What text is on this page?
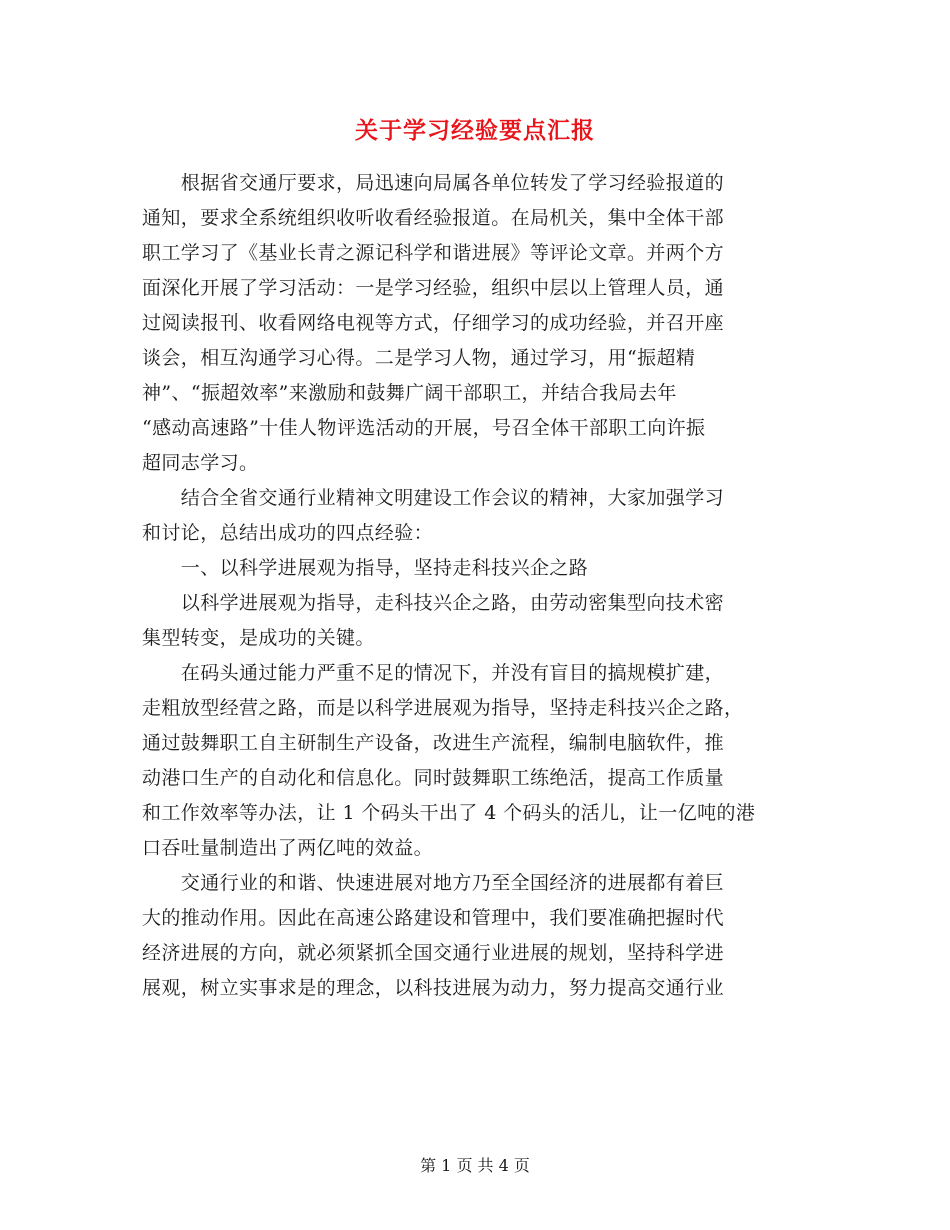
关于学习经验要点汇报
　　根据省交通厅要求，局迅速向局属各单位转发了学习经验报道的
通知，要求全系统组织收听收看经验报道。在局机关，集中全体干部
职工学习了《基业长青之源记科学和谐进展》等评论文章。并两个方
面深化开展了学习活动：一是学习经验，组织中层以上管理人员，通
过阅读报刊、收看网络电视等方式，仔细学习的成功经验，并召开座
谈会，相互沟通学习心得。二是学习人物，通过学习，用“振超精
神”、“振超效率”来激励和鼓舞广阔干部职工，并结合我局去年
“感动高速路”十佳人物评选活动的开展，号召全体干部职工向许振
超同志学习。
　　结合全省交通行业精神文明建设工作会议的精神，大家加强学习
和讨论，总结出成功的四点经验：
　　一、以科学进展观为指导，坚持走科技兴企之路
　　以科学进展观为指导，走科技兴企之路，由劳动密集型向技术密
集型转变，是成功的关键。
　　在码头通过能力严重不足的情况下，并没有盲目的搞规模扩建，
走粗放型经营之路，而是以科学进展观为指导，坚持走科技兴企之路，
通过鼓舞职工自主研制生产设备，改进生产流程，编制电脑软件，推
动港口生产的自动化和信息化。同时鼓舞职工练绝活，提高工作质量
和工作效率等办法，让 1 个码头干出了 4 个码头的活儿，让一亿吨的港
口吞吐量制造出了两亿吨的效益。
　　交通行业的和谐、快速进展对地方乃至全国经济的进展都有着巨
大的推动作用。因此在高速公路建设和管理中，我们要准确把握时代
经济进展的方向，就必须紧抓全国交通行业进展的规划，坚持科学进
展观，树立实事求是的理念，以科技进展为动力，努力提高交通行业
第 1 页 共 4 页
